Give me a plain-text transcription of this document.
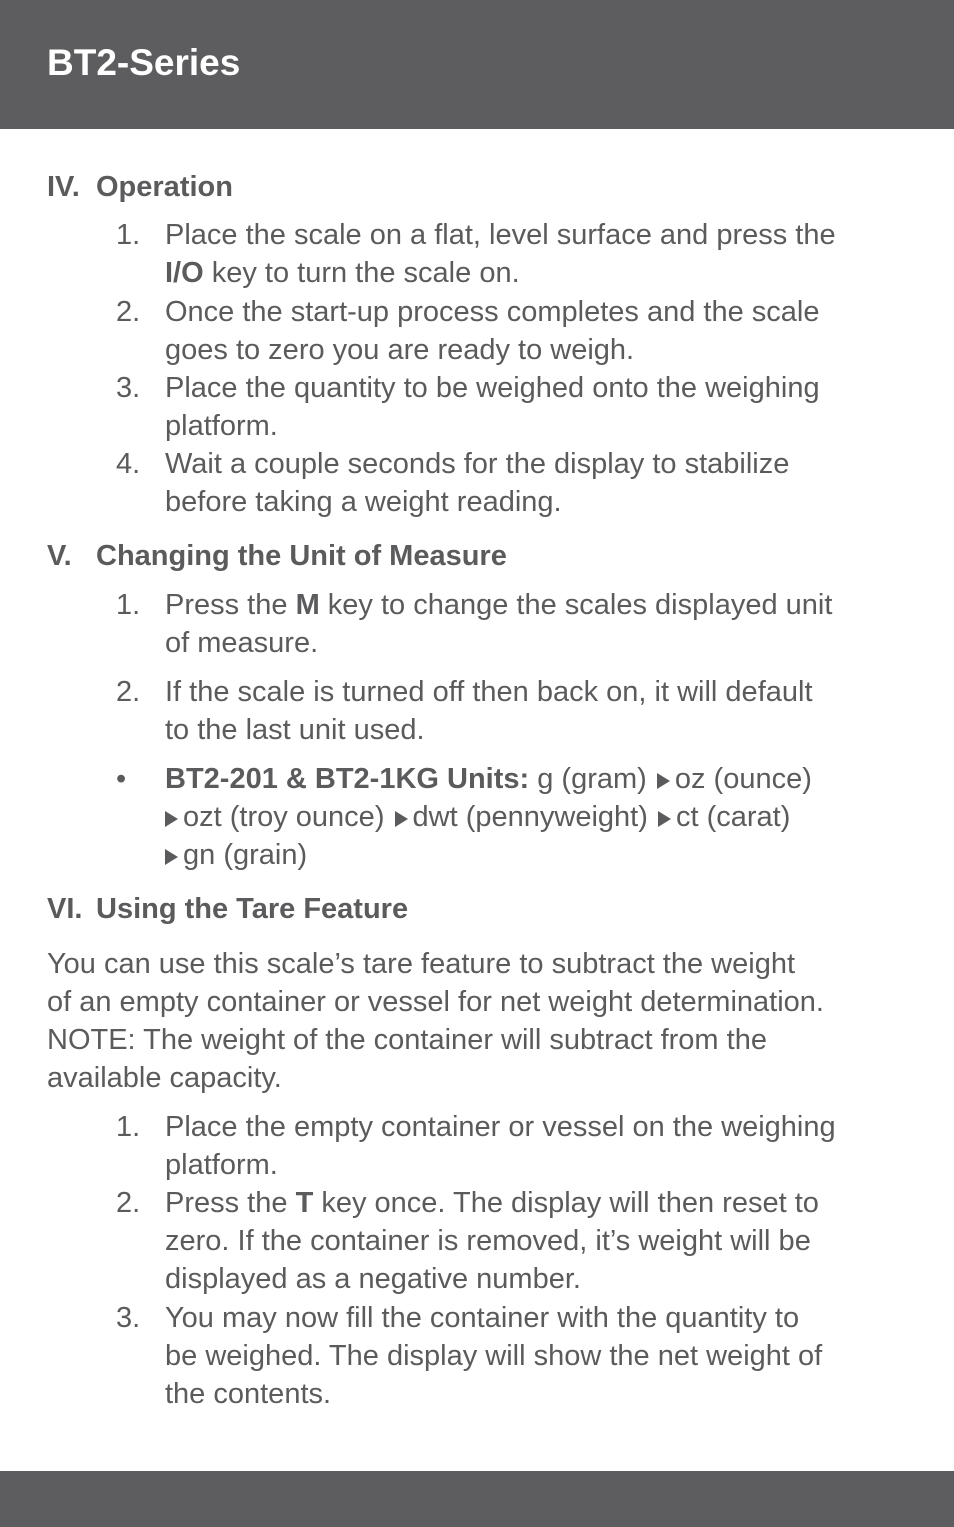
BT2-Series
IV. Operation
1. Place the scale on a flat, level surface and press the
I/O key to turn the scale on.
2. Once the start-up process completes and the scale
goes to zero you are ready to weigh.
3. Place the quantity to be weighed onto the weighing
platform.
4. Wait a couple seconds for the display to stabilize
before taking a weight reading.
V. Changing the Unit of Measure
1. Press the M key to change the scales displayed unit
of measure.
2. If the scale is turned off then back on, it will default
to the last unit used.
• BT2-201 & BT2-1KG Units: g (gram) oz (ounce)
ozt (troy ounce) dwt (pennyweight) ct (carat)
gn (grain)
VI. Using the Tare Feature
You can use this scale’s tare feature to subtract the weight
of an empty container or vessel for net weight determination.
NOTE: The weight of the container will subtract from the
available capacity.
1. Place the empty container or vessel on the weighing
platform.
2. Press the T key once. The display will then reset to
zero. If the container is removed, it’s weight will be
displayed as a negative number.
3. You may now fill the container with the quantity to
be weighed. The display will show the net weight of
the contents.
